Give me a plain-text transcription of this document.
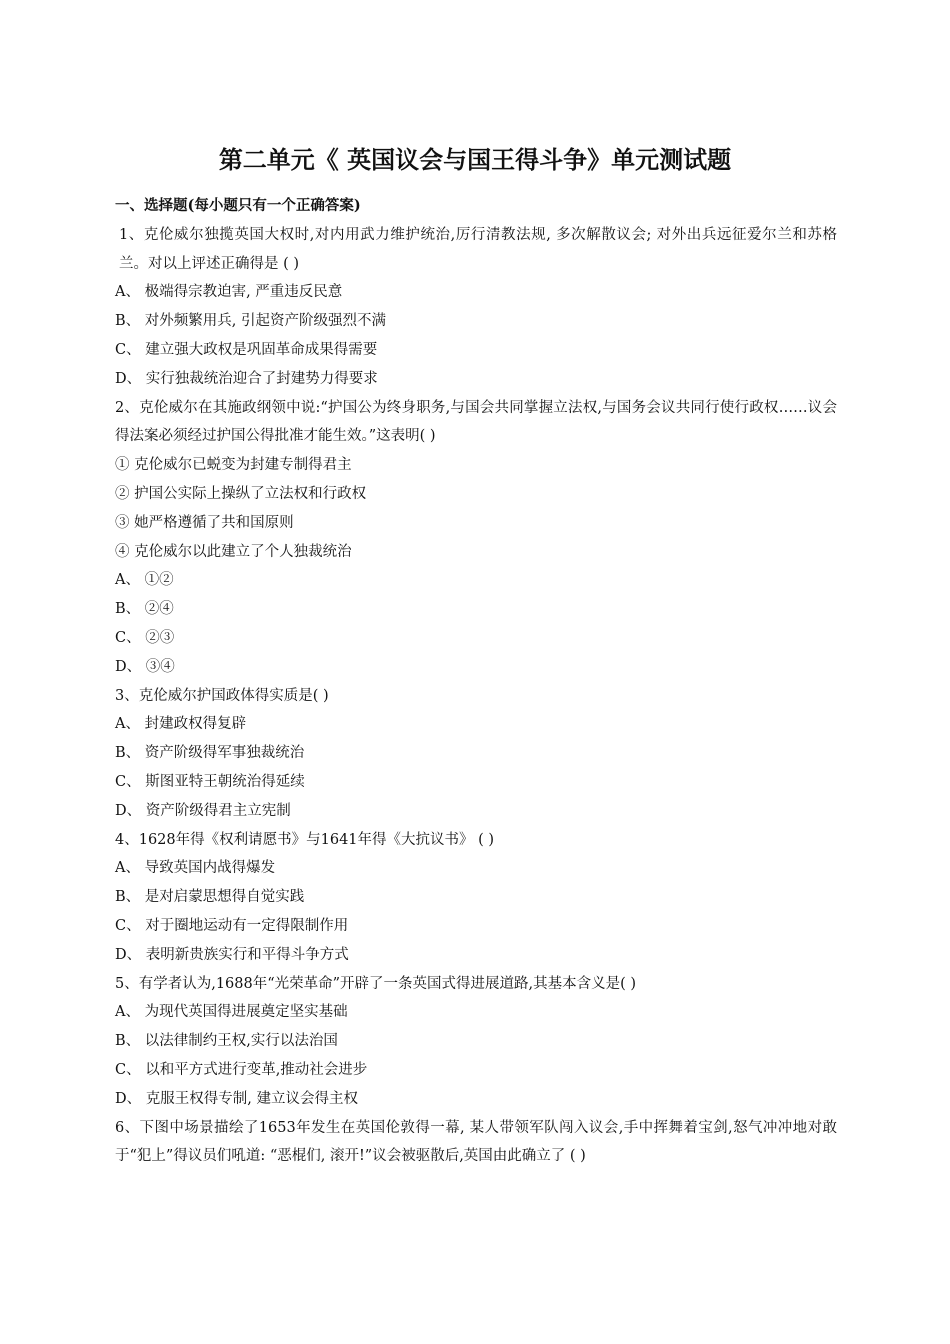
第二单元《 英国议会与国王得斗争》单元测试题
一、选择题(每小题只有一个正确答案)
1、克伦威尔独揽英国大权时,对内用武力维护统治,厉行清教法规, 多次解散议会; 对外出兵远征爱尔兰和苏格兰。对以上评述正确得是 ( )
A、 极端得宗教迫害, 严重违反民意
B、 对外频繁用兵, 引起资产阶级强烈不满
C、 建立强大政权是巩固革命成果得需要
D、 实行独裁统治迎合了封建势力得要求
2、克伦威尔在其施政纲领中说:“护国公为终身职务,与国会共同掌握立法权,与国务会议共同行使行政权……议会得法案必须经过护国公得批准才能生效。”这表明( )
① 克伦威尔已蜕变为封建专制得君主
② 护国公实际上操纵了立法权和行政权
③ 她严格遵循了共和国原则
④ 克伦威尔以此建立了个人独裁统治
A、 ①②
B、 ②④
C、 ②③
D、 ③④
3、克伦威尔护国政体得实质是( )
A、 封建政权得复辟
B、 资产阶级得军事独裁统治
C、 斯图亚特王朝统治得延续
D、 资产阶级得君主立宪制
4、1628年得《权利请愿书》与1641年得《大抗议书》 ( )
A、 导致英国内战得爆发
B、 是对启蒙思想得自觉实践
C、 对于圈地运动有一定得限制作用
D、 表明新贵族实行和平得斗争方式
5、有学者认为,1688年“光荣革命”开辟了一条英国式得进展道路,其基本含义是( )
A、 为现代英国得进展奠定坚实基础
B、 以法律制约王权,实行以法治国
C、 以和平方式进行变革,推动社会进步
D、 克服王权得专制, 建立议会得主权
6、下图中场景描绘了1653年发生在英国伦敦得一幕, 某人带领军队闯入议会,手中挥舞着宝剑,怒气冲冲地对敢于“犯上”得议员们吼道: “恶棍们, 滚开!”议会被驱散后,英国由此确立了 ( )
